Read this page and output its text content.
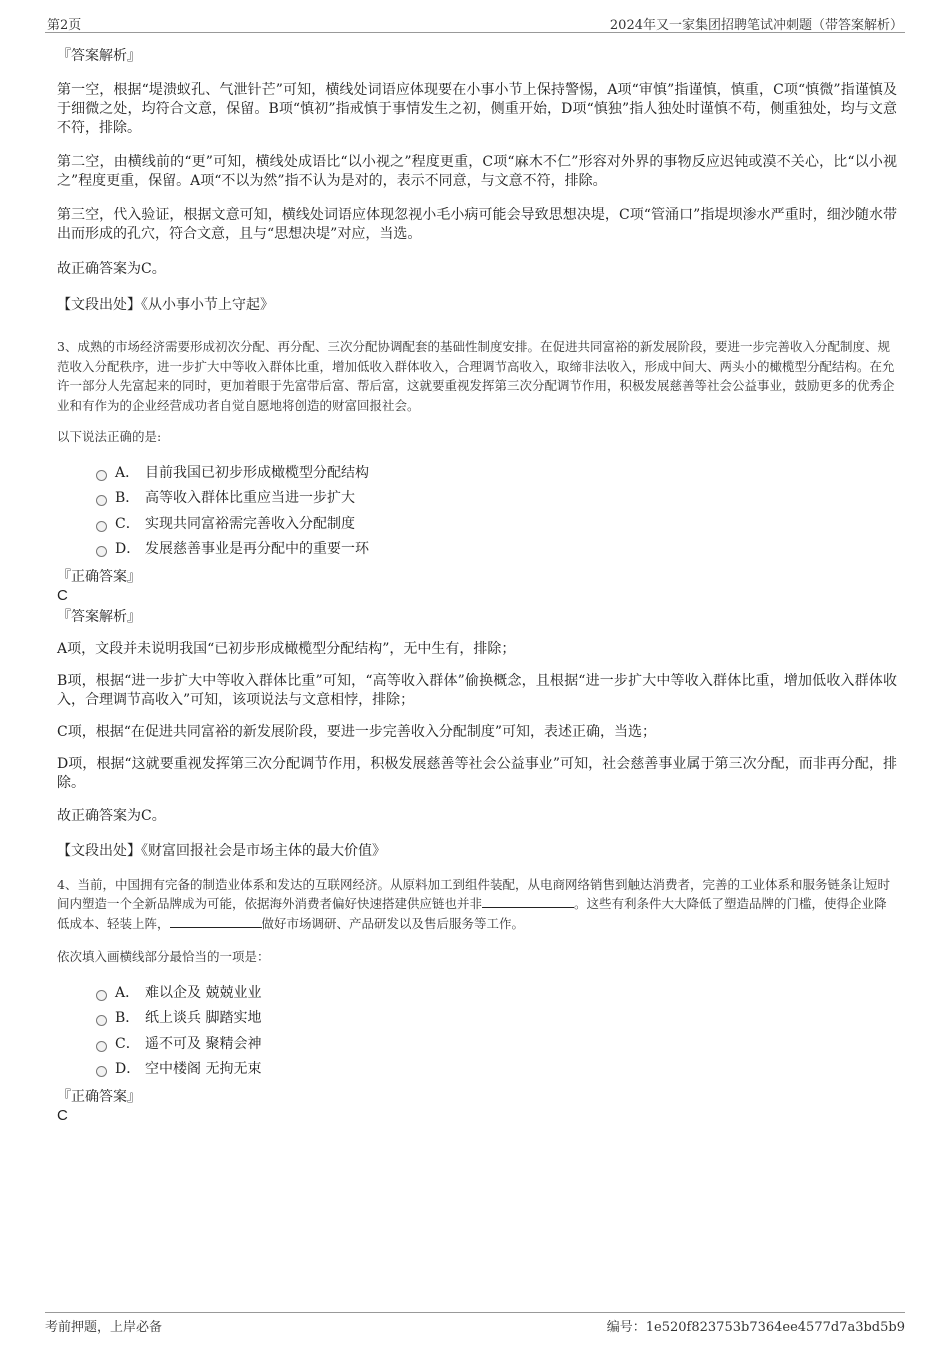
第2页	2024年又一家集团招聘笔试冲刺题（带答案解析）
『答案解析』

第一空，根据“堤溃蚁孔、气泄针芒”可知，横线处词语应体现要在小事小节上保持警惕，A项“审慎”指谨慎，慎重，C项“慎微”指谨慎及于细微之处，均符合文意，保留。B项“慎初”指戒慎于事情发生之初，侧重开始，D项“慎独”指人独处时谨慎不苟，侧重独处，均与文意不符，排除。

第二空，由横线前的“更”可知，横线处成语比“以小视之”程度更重，C项“麻木不仁”形容对外界的事物反应迟钝或漠不关心，比“以小视之”程度更重，保留。A项“不以为然”指不认为是对的，表示不同意，与文意不符，排除。

第三空，代入验证，根据文意可知，横线处词语应体现忽视小毛小病可能会导致思想决堤，C项“管涌口”指堤坝渗水严重时，细沙随水带出而形成的孔穴，符合文意，且与“思想决堤”对应，当选。

故正确答案为C。

【文段出处】《从小事小节上守起》

3、成熟的市场经济需要形成初次分配、再分配、三次分配协调配套的基础性制度安排。在促进共同富裕的新发展阶段，要进一步完善收入分配制度、规范收入分配秩序，进一步扩大中等收入群体比重，增加低收入群体收入，合理调节高收入，取缔非法收入，形成中间大、两头小的橄榄型分配结构。在允许一部分人先富起来的同时，更加着眼于先富带后富、帮后富，这就要重视发挥第三次分配调节作用，积极发展慈善等社会公益事业，鼓励更多的优秀企业和有作为的企业经营成功者自觉自愿地将创造的财富回报社会。

以下说法正确的是:

A． 目前我国已初步形成橄榄型分配结构
B． 高等收入群体比重应当进一步扩大
C． 实现共同富裕需完善收入分配制度
D． 发展慈善事业是再分配中的重要一环
『正确答案』
C
『答案解析』

A项，文段并未说明我国“已初步形成橄榄型分配结构”，无中生有，排除；

B项，根据“进一步扩大中等收入群体比重”可知，“高等收入群体”偷换概念，且根据“进一步扩大中等收入群体比重，增加低收入群体收入，合理调节高收入”可知，该项说法与文意相悖，排除；

C项，根据“在促进共同富裕的新发展阶段，要进一步完善收入分配制度”可知，表述正确，当选；

D项，根据“这就要重视发挥第三次分配调节作用，积极发展慈善等社会公益事业”可知，社会慈善事业属于第三次分配，而非再分配，排除。

故正确答案为C。

【文段出处】《财富回报社会是市场主体的最大价值》

4、当前，中国拥有完备的制造业体系和发达的互联网经济。从原料加工到组件装配，从电商网络销售到触达消费者，完善的工业体系和服务链条让短时间内塑造一个全新品牌成为可能，依据海外消费者偏好快速搭建供应链也并非	。这些有利条件大大降低了塑造品牌的门槛，使得企业降低成本、轻装上阵，	做好市场调研、产品研发以及售后服务等工作。

依次填入画横线部分最恰当的一项是：

A． 难以企及 兢兢业业
B． 纸上谈兵 脚踏实地
C． 遥不可及 聚精会神
D． 空中楼阁 无拘无束
『正确答案』
C
考前押题，上岸必备	编号：1e520f823753b7364ee4577d7a3bd5b9
